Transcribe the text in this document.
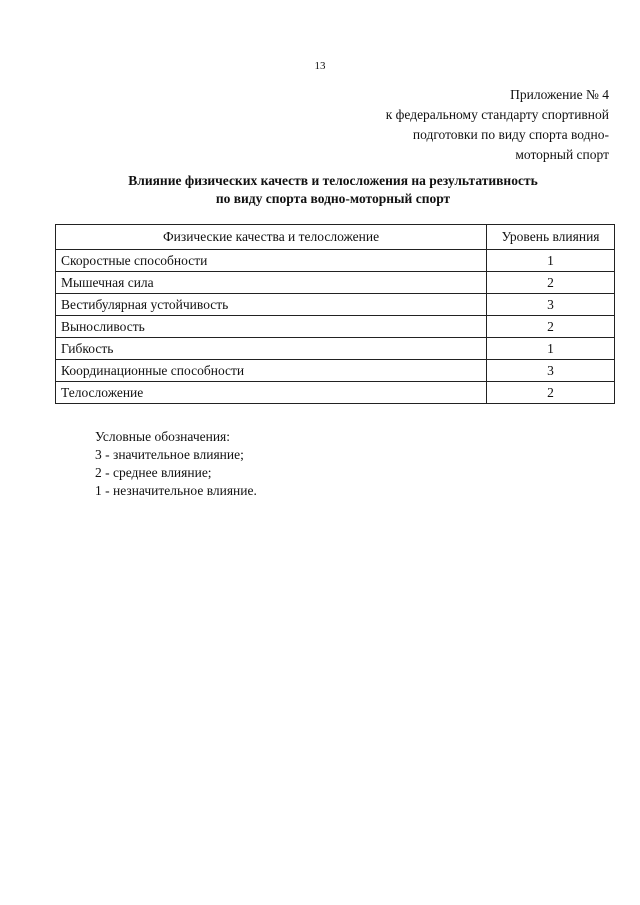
13
Приложение № 4
к федеральному стандарту спортивной
подготовки по виду спорта водно-
моторный спорт
Влияние физических качеств и телосложения на результативность
по виду спорта водно-моторный спорт
Физические качества и телосложение	Уровень влияния
Скоростные способности	1
Мышечная сила	2
Вестибулярная устойчивость	3
Выносливость	2
Гибкость	1
Координационные способности	3
Телосложение	2
Условные обозначения:
3 - значительное влияние;
2 - среднее влияние;
1 - незначительное влияние.
